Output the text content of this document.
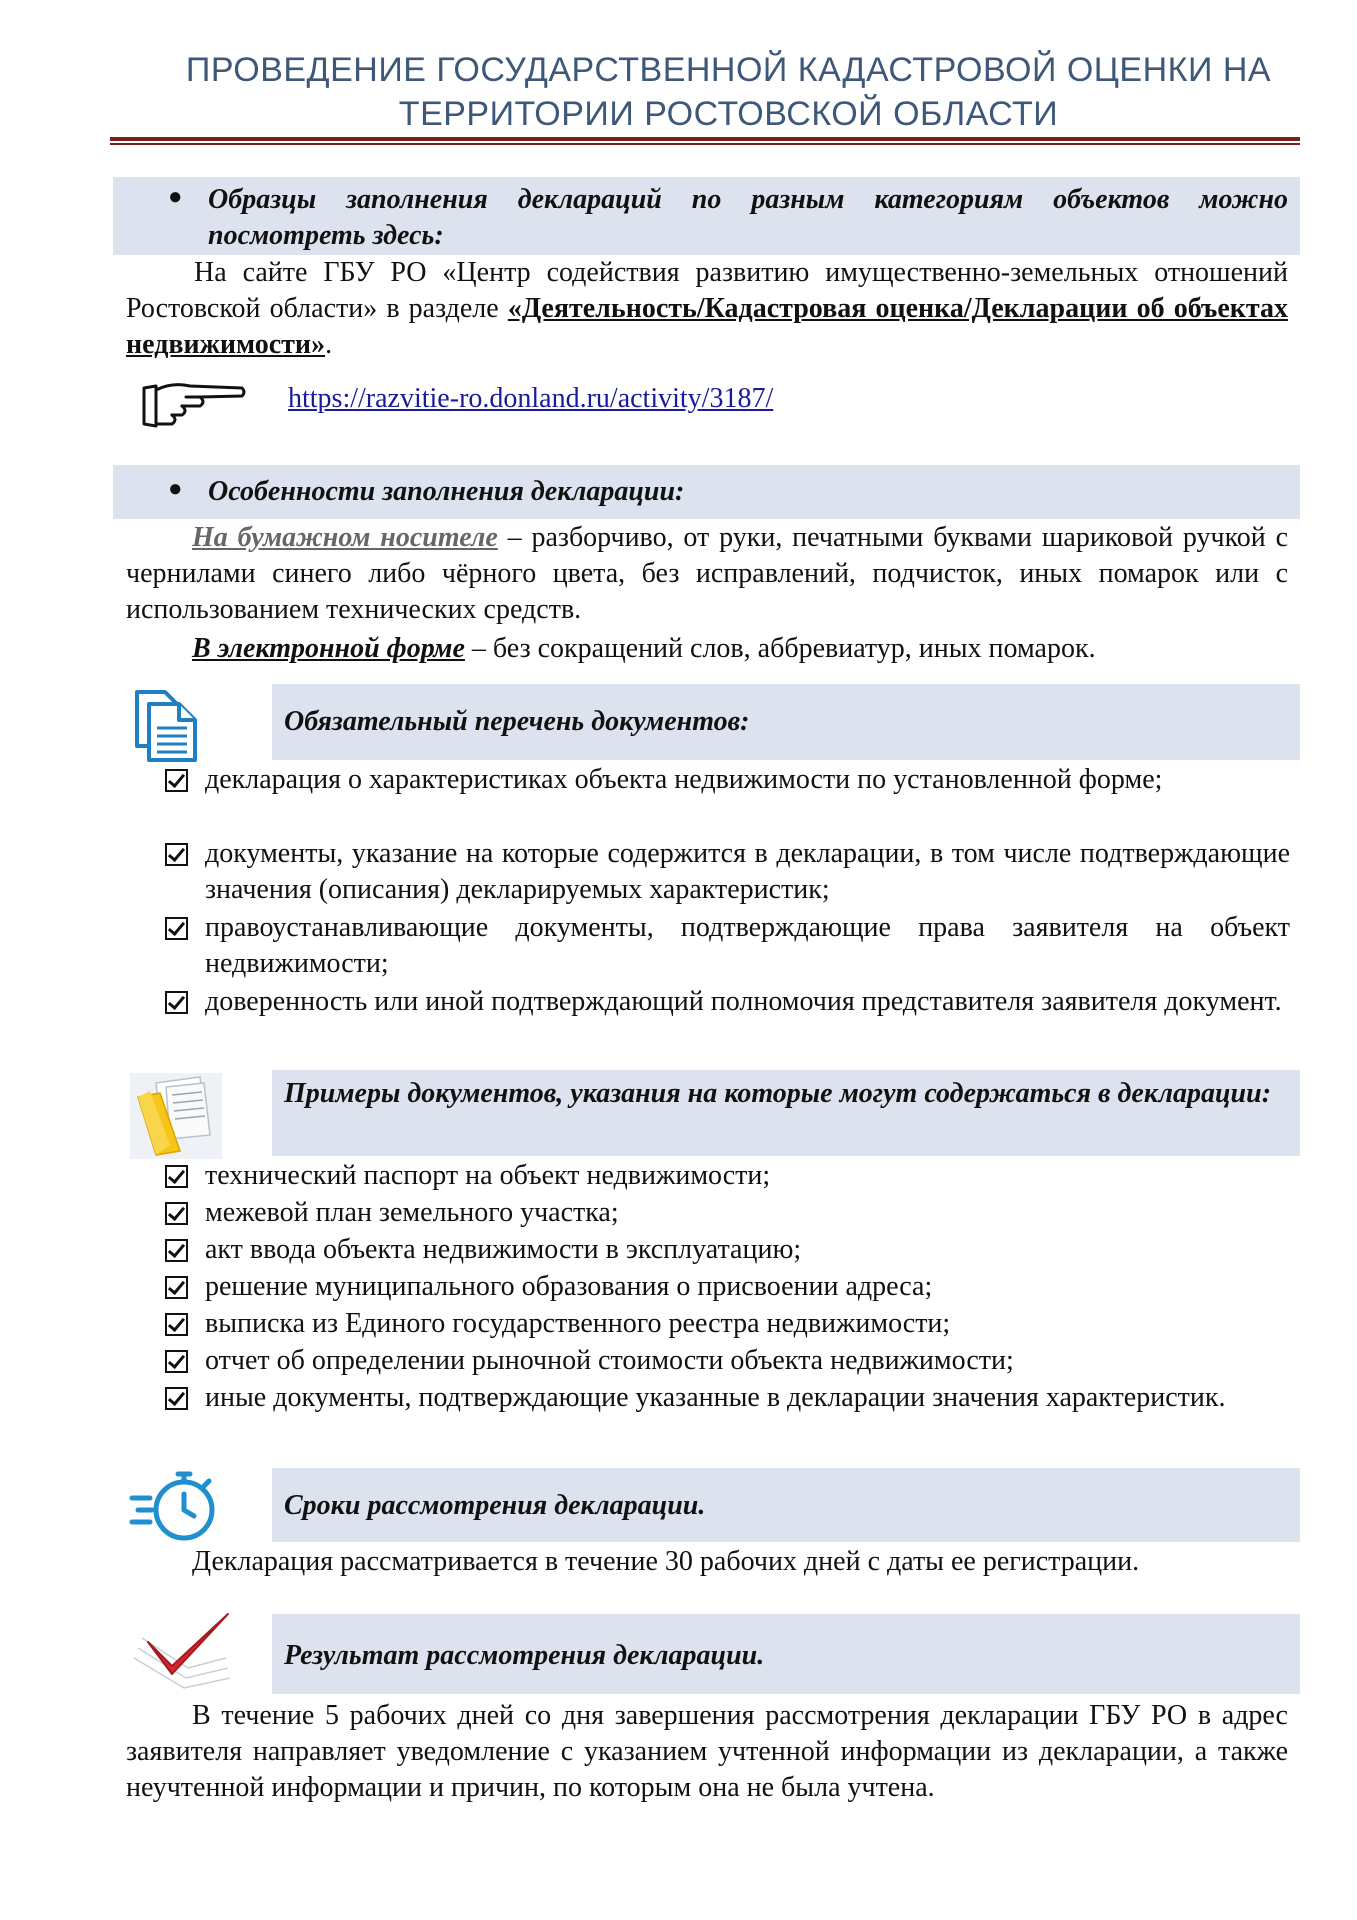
ПРОВЕДЕНИЕ ГОСУДАРСТВЕННОЙ КАДАСТРОВОЙ ОЦЕНКИ НА
ТЕРРИТОРИИ РОСТОВСКОЙ ОБЛАСТИ
● Образцы заполнения деклараций по разным категориям объектов можно посмотреть здесь:
На сайте ГБУ РО «Центр содействия развитию имущественно-земельных отношений Ростовской области» в разделе «Деятельность/Кадастровая оценка/Декларации об объектах недвижимости».
https://razvitie-ro.donland.ru/activity/3187/
● Особенности заполнения декларации:
На бумажном носителе – разборчиво, от руки, печатными буквами шариковой ручкой с чернилами синего либо чёрного цвета, без исправлений, подчисток, иных помарок или с использованием технических средств.
В электронной форме – без сокращений слов, аббревиатур, иных помарок.
Обязательный перечень документов:
декларация о характеристиках объекта недвижимости по установленной форме;
документы, указание на которые содержится в декларации, в том числе подтверждающие значения (описания) декларируемых характеристик;
правоустанавливающие документы, подтверждающие права заявителя на объект недвижимости;
доверенность или иной подтверждающий полномочия представителя заявителя документ.
Примеры документов, указания на которые могут содержаться в декларации:
технический паспорт на объект недвижимости;
межевой план земельного участка;
акт ввода объекта недвижимости в эксплуатацию;
решение муниципального образования о присвоении адреса;
выписка из Единого государственного реестра недвижимости;
отчет об определении рыночной стоимости объекта недвижимости;
иные документы, подтверждающие указанные в декларации значения характеристик.
Сроки рассмотрения декларации.
Декларация рассматривается в течение 30 рабочих дней с даты ее регистрации.
Результат рассмотрения декларации.
В течение 5 рабочих дней со дня завершения рассмотрения декларации ГБУ РО в адрес заявителя направляет уведомление с указанием учтенной информации из декларации, а также неучтенной информации и причин, по которым она не была учтена.
